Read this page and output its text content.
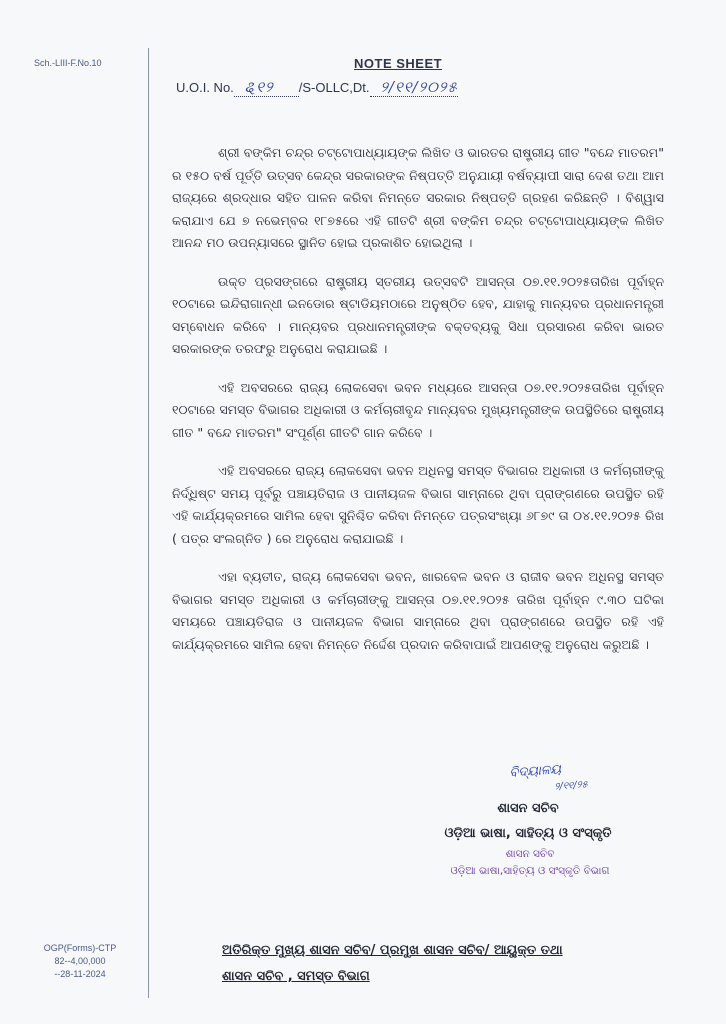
Sch.-LIII-F.No.10	NOTE SHEET
U.O.I. No. ୡ୧୨ /S-OLLC,Dt. ୨/୧୧/୨୦୨୫

ଶ୍ରୀ ବଙ୍କିମ ଚନ୍ଦ୍ର ଚଟ୍ଟୋପାଧ୍ୟାୟଙ୍କ ଲିଖିତ ଓ ଭାରତର ରାଷ୍ଟ୍ରୀୟ ଗୀତ "ବନ୍ଦେ ମାତରମ" ର ୧୫୦ ବର୍ଷ ପୂର୍ତ୍ତି ଉତ୍ସବ କେନ୍ଦ୍ର ସରକାରଙ୍କ ନିଷ୍ପତ୍ତି ଅନୁଯାୟୀ ବର୍ଷବ୍ୟାପୀ ସାରା ଦେଶ ତଥା ଆମ ରାଜ୍ୟରେ ଶ୍ରଦ୍ଧାର ସହିତ ପାଳନ କରିବା ନିମନ୍ତେ ସରକାର ନିଷ୍ପତ୍ତି ଗ୍ରହଣ କରିଛନ୍ତି । ବିଶ୍ୱାସ କରାଯାଏ ଯେ ୭ ନଭେମ୍ବର ୧୮୭୫ରେ ଏହି ଗୀତଟି ଶ୍ରୀ ବଙ୍କିମ ଚନ୍ଦ୍ର ଚଟ୍ଟୋପାଧ୍ୟାୟଙ୍କ ଲିଖିତ ଆନନ୍ଦ ମଠ ଉପନ୍ୟାସରେ ସ୍ଥାନିତ ହୋଇ ପ୍ରକାଶିତ ହୋଇଥିଲା ।

ଉକ୍ତ ପ୍ରସଙ୍ଗରେ ରାଷ୍ଟ୍ରୀୟ ସ୍ତରୀୟ ଉତ୍ସବଟି ଆସନ୍ତା ୦୭.୧୧.୨୦୨୫ତାରିଖ ପୂର୍ବାହ୍ନ ୧୦ଟାରେ ଇନ୍ଦିରାଗାନ୍ଧୀ ଇନଡୋର ଷ୍ଟାଡିୟମଠାରେ ଅନୁଷ୍ଠିତ ହେବ, ଯାହାକୁ ମାନ୍ୟବର ପ୍ରଧାନମନ୍ତ୍ରୀ ସମ୍ବୋଧନ କରିବେ । ମାନ୍ୟବର ପ୍ରଧାନମନ୍ତ୍ରୀଙ୍କ ବକ୍ତବ୍ୟକୁ ସିଧା ପ୍ରସାରଣ କରିବା ଭାରତ ସରକାରଙ୍କ ତରଫରୁ ଅନୁରୋଧ କରାଯାଇଛି ।

ଏହି ଅବସରରେ ରାଜ୍ୟ ଲୋକସେବା ଭବନ ମଧ୍ୟରେ ଆସନ୍ତା ୦୭.୧୧.୨୦୨୫ତାରିଖ ପୂର୍ବାହ୍ନ ୧୦ଟାରେ ସମସ୍ତ ବିଭାଗର ଅଧିକାରୀ ଓ କର୍ମଚାରୀବୃନ୍ଦ ମାନ୍ୟବର ମୁଖ୍ୟମନ୍ତ୍ରୀଙ୍କ ଉପସ୍ଥିତିରେ ରାଷ୍ଟ୍ରୀୟ ଗୀତ " ବନ୍ଦେ ମାତରମ" ସଂପୂର୍ଣ୍ଣ ଗୀତଟି ଗାନ କରିବେ ।

ଏହି ଅବସରରେ ରାଜ୍ୟ ଲୋକସେବା ଭବନ ଅଧିନସ୍ଥ ସମସ୍ତ ବିଭାଗର ଅଧିକାରୀ ଓ କର୍ମଚାରୀଙ୍କୁ ନିର୍ଦ୍ଧିଷ୍ଟ ସମୟ ପୂର୍ବରୁ ପଞ୍ଚାୟତିରାଜ ଓ ପାନୀୟଜଳ ବିଭାଗ ସାମ୍ନାରେ ଥିବା ପ୍ରାଙ୍ଗଣରେ ଉପସ୍ଥିତ ରହି ଏହି କାର୍ଯ୍ୟକ୍ରମରେ ସାମିଲ ହେବା ସୁନିଶ୍ଚିତ କରିବା ନିମନ୍ତେ ପତ୍ରସଂଖ୍ୟା ୬୮୭୯ ତା ୦୪.୧୧.୨୦୨୫ ରିଖ ( ପତ୍ର ସଂଲଗ୍ନିତ ) ରେ ଅନୁରୋଧ କରାଯାଇଛି ।

ଏହା ବ୍ୟତୀତ, ରାଜ୍ୟ ଲୋକସେବା ଭବନ, ଖାରବେଳ ଭବନ ଓ ରାଜୀବ ଭବନ ଅଧିନସ୍ଥ ସମସ୍ତ ବିଭାଗର ସମସ୍ତ ଅଧିକାରୀ ଓ କର୍ମଚାରୀଙ୍କୁ ଆସନ୍ତା ୦୭.୧୧.୨୦୨୫ ତାରିଖ ପୂର୍ବାହ୍ନ ୯.୩୦ ଘଟିକା ସମୟରେ ପଞ୍ଚାୟତିରାଜ ଓ ପାନୀୟଜଳ ବିଭାଗ ସାମ୍ନାରେ ଥିବା ପ୍ରାଙ୍ଗଣରେ ଉପସ୍ଥିତ ରହି ଏହି କାର୍ଯ୍ୟକ୍ରମରେ ସାମିଲ ହେବା ନିମନ୍ତେ ନିର୍ଦ୍ଦେଶ ପ୍ରଦାନ କରିବାପାଇଁ ଆପଣଙ୍କୁ ଅନୁରୋଧ କରୁଅଛି ।

ବିଦ୍ୟାଳୟ
୨/୧୧/୨୫
ଶାସନ ସଚିବ
ଓଡ଼ିଆ ଭାଷା, ସାହିତ୍ୟ ଓ ସଂସ୍କୃତି
ଶାସନ ସଚିବ
ଓଡ଼ିଆ ଭାଷା,ସାହିତ୍ୟ ଓ ସଂସ୍କୃତି ବିଭାଗ
ଅତିରିକ୍ତ ମୁଖ୍ୟ ଶାସନ ସଚିବ/ ପ୍ରମୁଖ ଶାସନ ସଚିବ/ ଆୟୁକ୍ତ ତଥା
ଶାସନ ସଚିବ , ସମସ୍ତ ବିଭାଗ
OGP(Forms)-CTP
82--4,00,000
--28-11-2024
